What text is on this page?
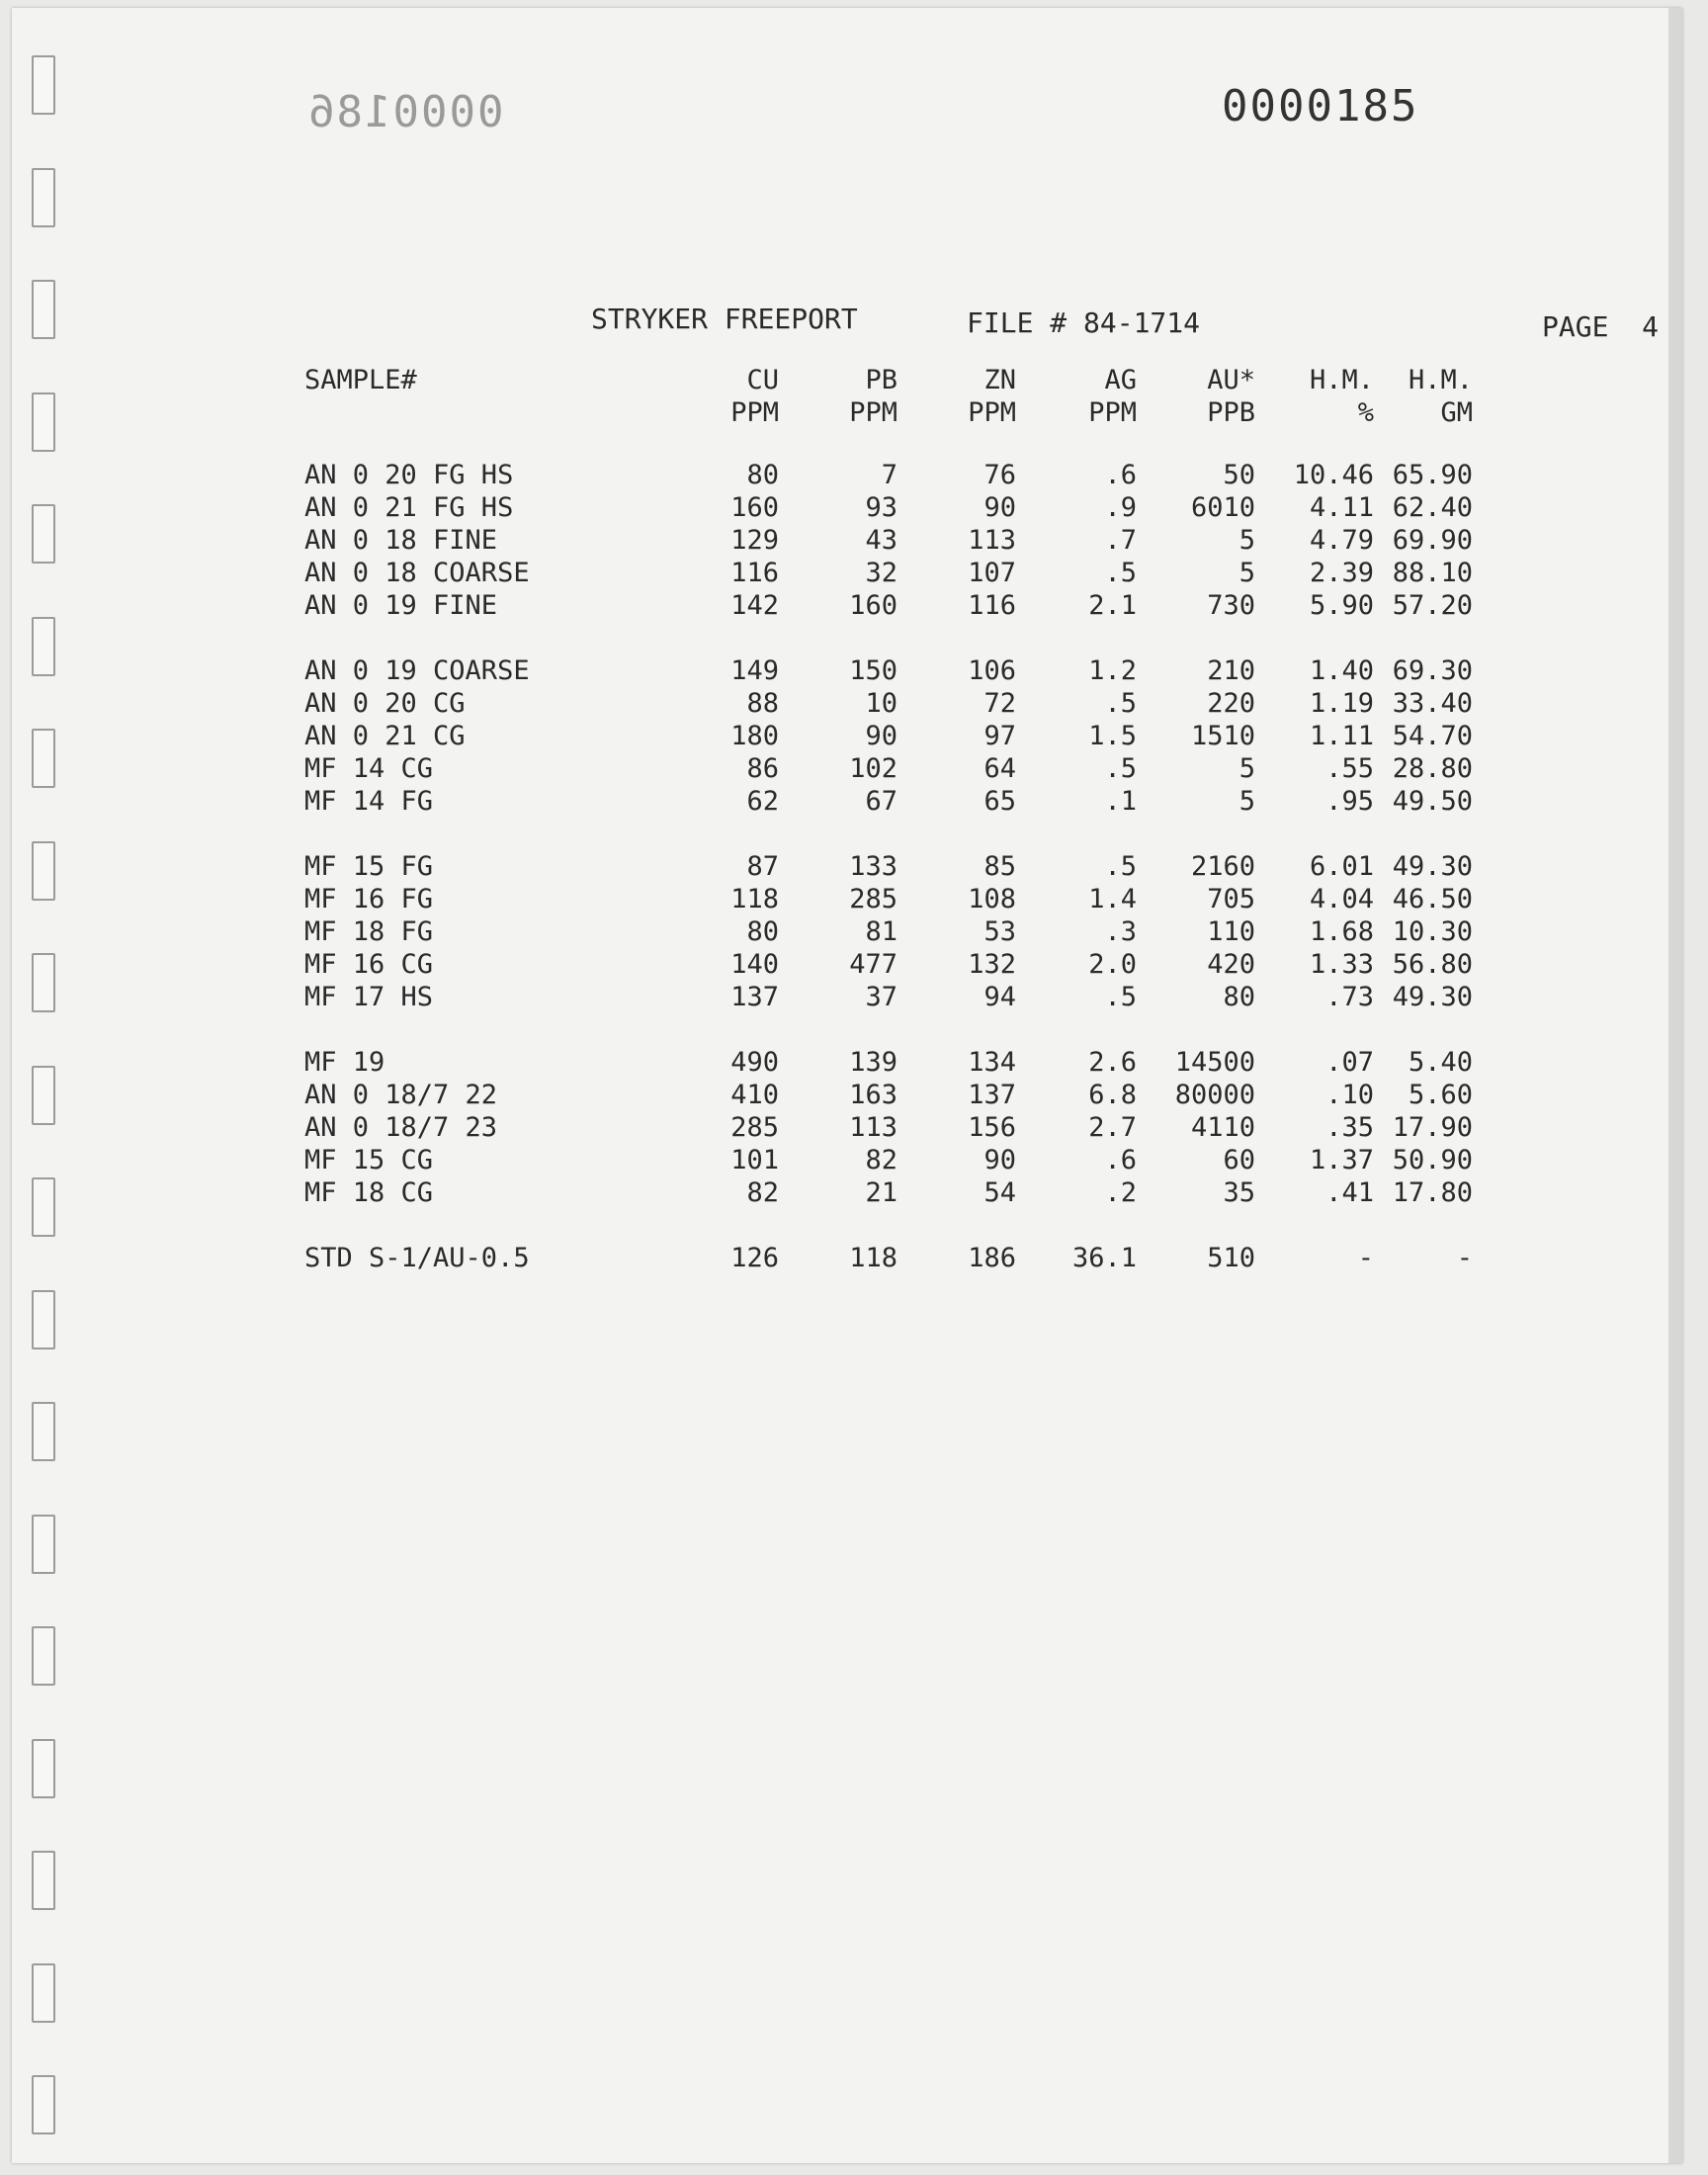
0000186	0000185
STRYKER FREEPORT	FILE # 84-1714	PAGE  4
SAMPLE#	CU	PB	ZN	AG	AU*	H.M.	H.M.
	PPM	PPM	PPM	PPM	PPB	%	GM

AN 0 20 FG HS	80	7	76	.6	50	10.46	65.90
AN 0 21 FG HS	160	93	90	.9	6010	4.11	62.40
AN 0 18 FINE	129	43	113	.7	5	4.79	69.90
AN 0 18 COARSE	116	32	107	.5	5	2.39	88.10
AN 0 19 FINE	142	160	116	2.1	730	5.90	57.20

AN 0 19 COARSE	149	150	106	1.2	210	1.40	69.30
AN 0 20 CG	88	10	72	.5	220	1.19	33.40
AN 0 21 CG	180	90	97	1.5	1510	1.11	54.70
MF 14 CG	86	102	64	.5	5	.55	28.80
MF 14 FG	62	67	65	.1	5	.95	49.50

MF 15 FG	87	133	85	.5	2160	6.01	49.30
MF 16 FG	118	285	108	1.4	705	4.04	46.50
MF 18 FG	80	81	53	.3	110	1.68	10.30
MF 16 CG	140	477	132	2.0	420	1.33	56.80
MF 17 HS	137	37	94	.5	80	.73	49.30

MF 19	490	139	134	2.6	14500	.07	5.40
AN 0 18/7 22	410	163	137	6.8	80000	.10	5.60
AN 0 18/7 23	285	113	156	2.7	4110	.35	17.90
MF 15 CG	101	82	90	.6	60	1.37	50.90
MF 18 CG	82	21	54	.2	35	.41	17.80

STD S-1/AU-0.5	126	118	186	36.1	510	-	-
